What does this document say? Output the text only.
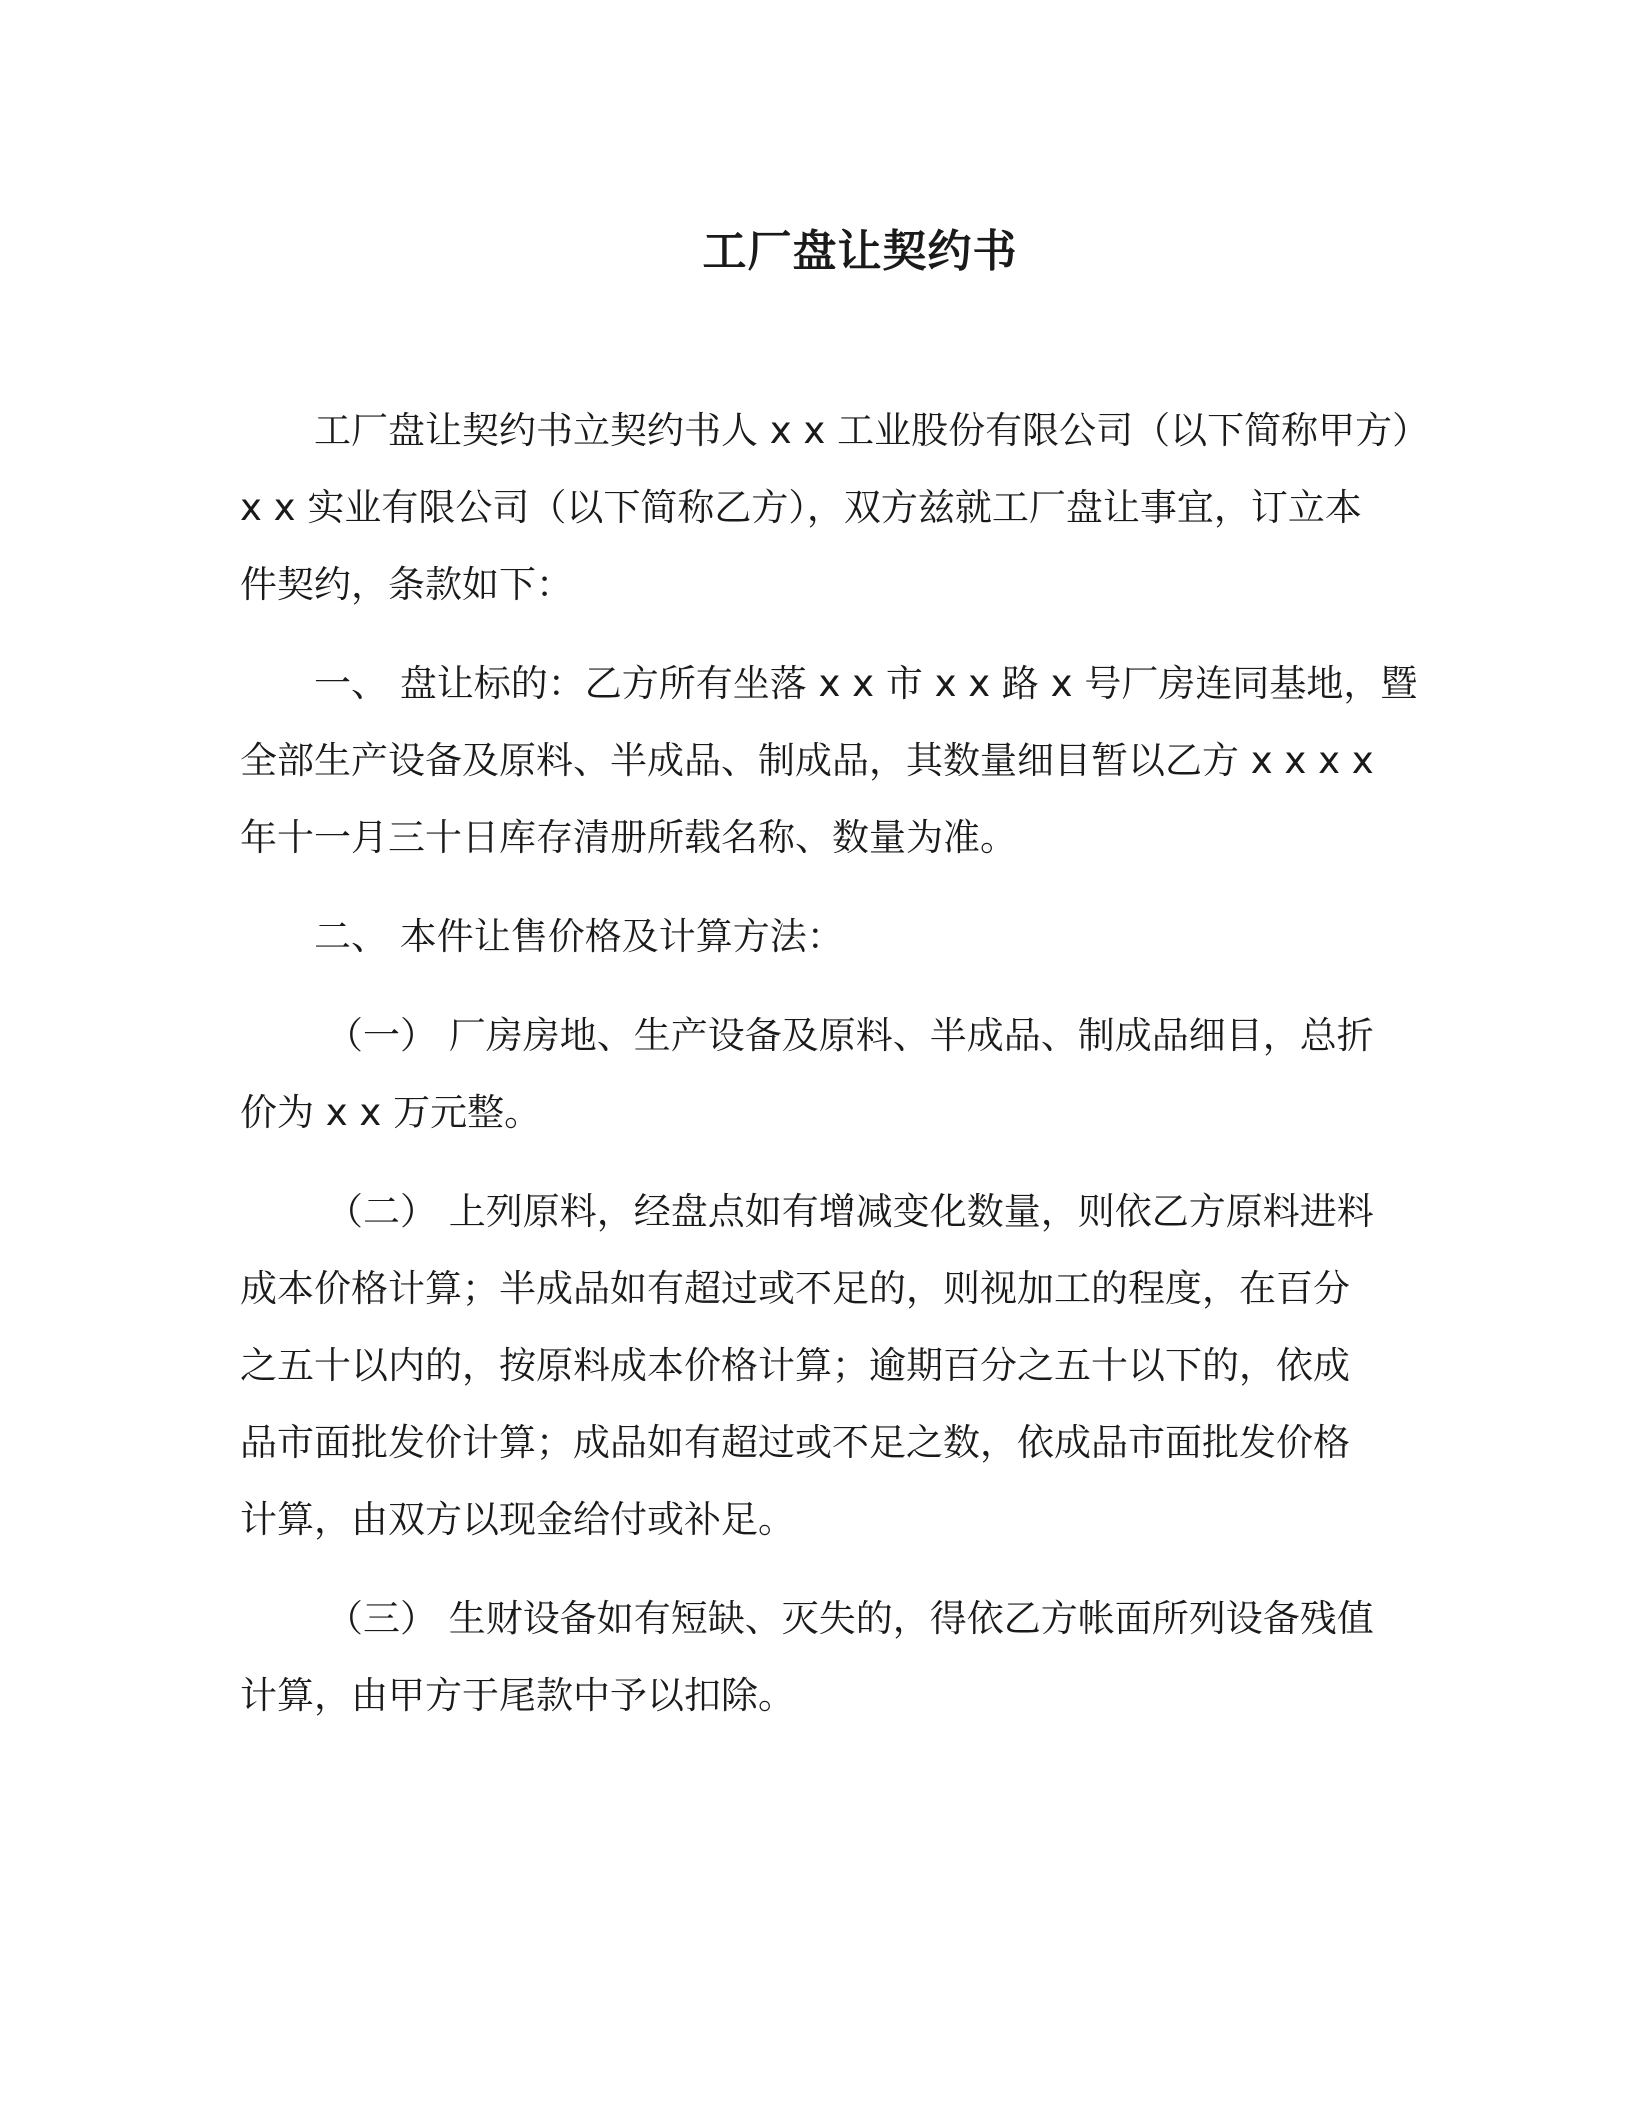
工厂盘让契约书
工厂盘让契约书立契约书人 x x 工业股份有限公司（以下简称甲方）
x x 实业有限公司（以下简称乙方），双方兹就工厂盘让事宜，订立本
件契约，条款如下：
一、 盘让标的：乙方所有坐落 x x 市 x x 路 x 号厂房连同基地，暨
全部生产设备及原料、半成品、制成品，其数量细目暂以乙方 x x x x
年十一月三十日库存清册所载名称、数量为准。
二、 本件让售价格及计算方法：
（一） 厂房房地、生产设备及原料、半成品、制成品细目，总折
价为 x x 万元整。
（二） 上列原料，经盘点如有增减变化数量，则依乙方原料进料
成本价格计算；半成品如有超过或不足的，则视加工的程度，在百分
之五十以内的，按原料成本价格计算；逾期百分之五十以下的，依成
品市面批发价计算；成品如有超过或不足之数，依成品市面批发价格
计算，由双方以现金给付或补足。
（三） 生财设备如有短缺、灭失的，得依乙方帐面所列设备残值
计算，由甲方于尾款中予以扣除。
